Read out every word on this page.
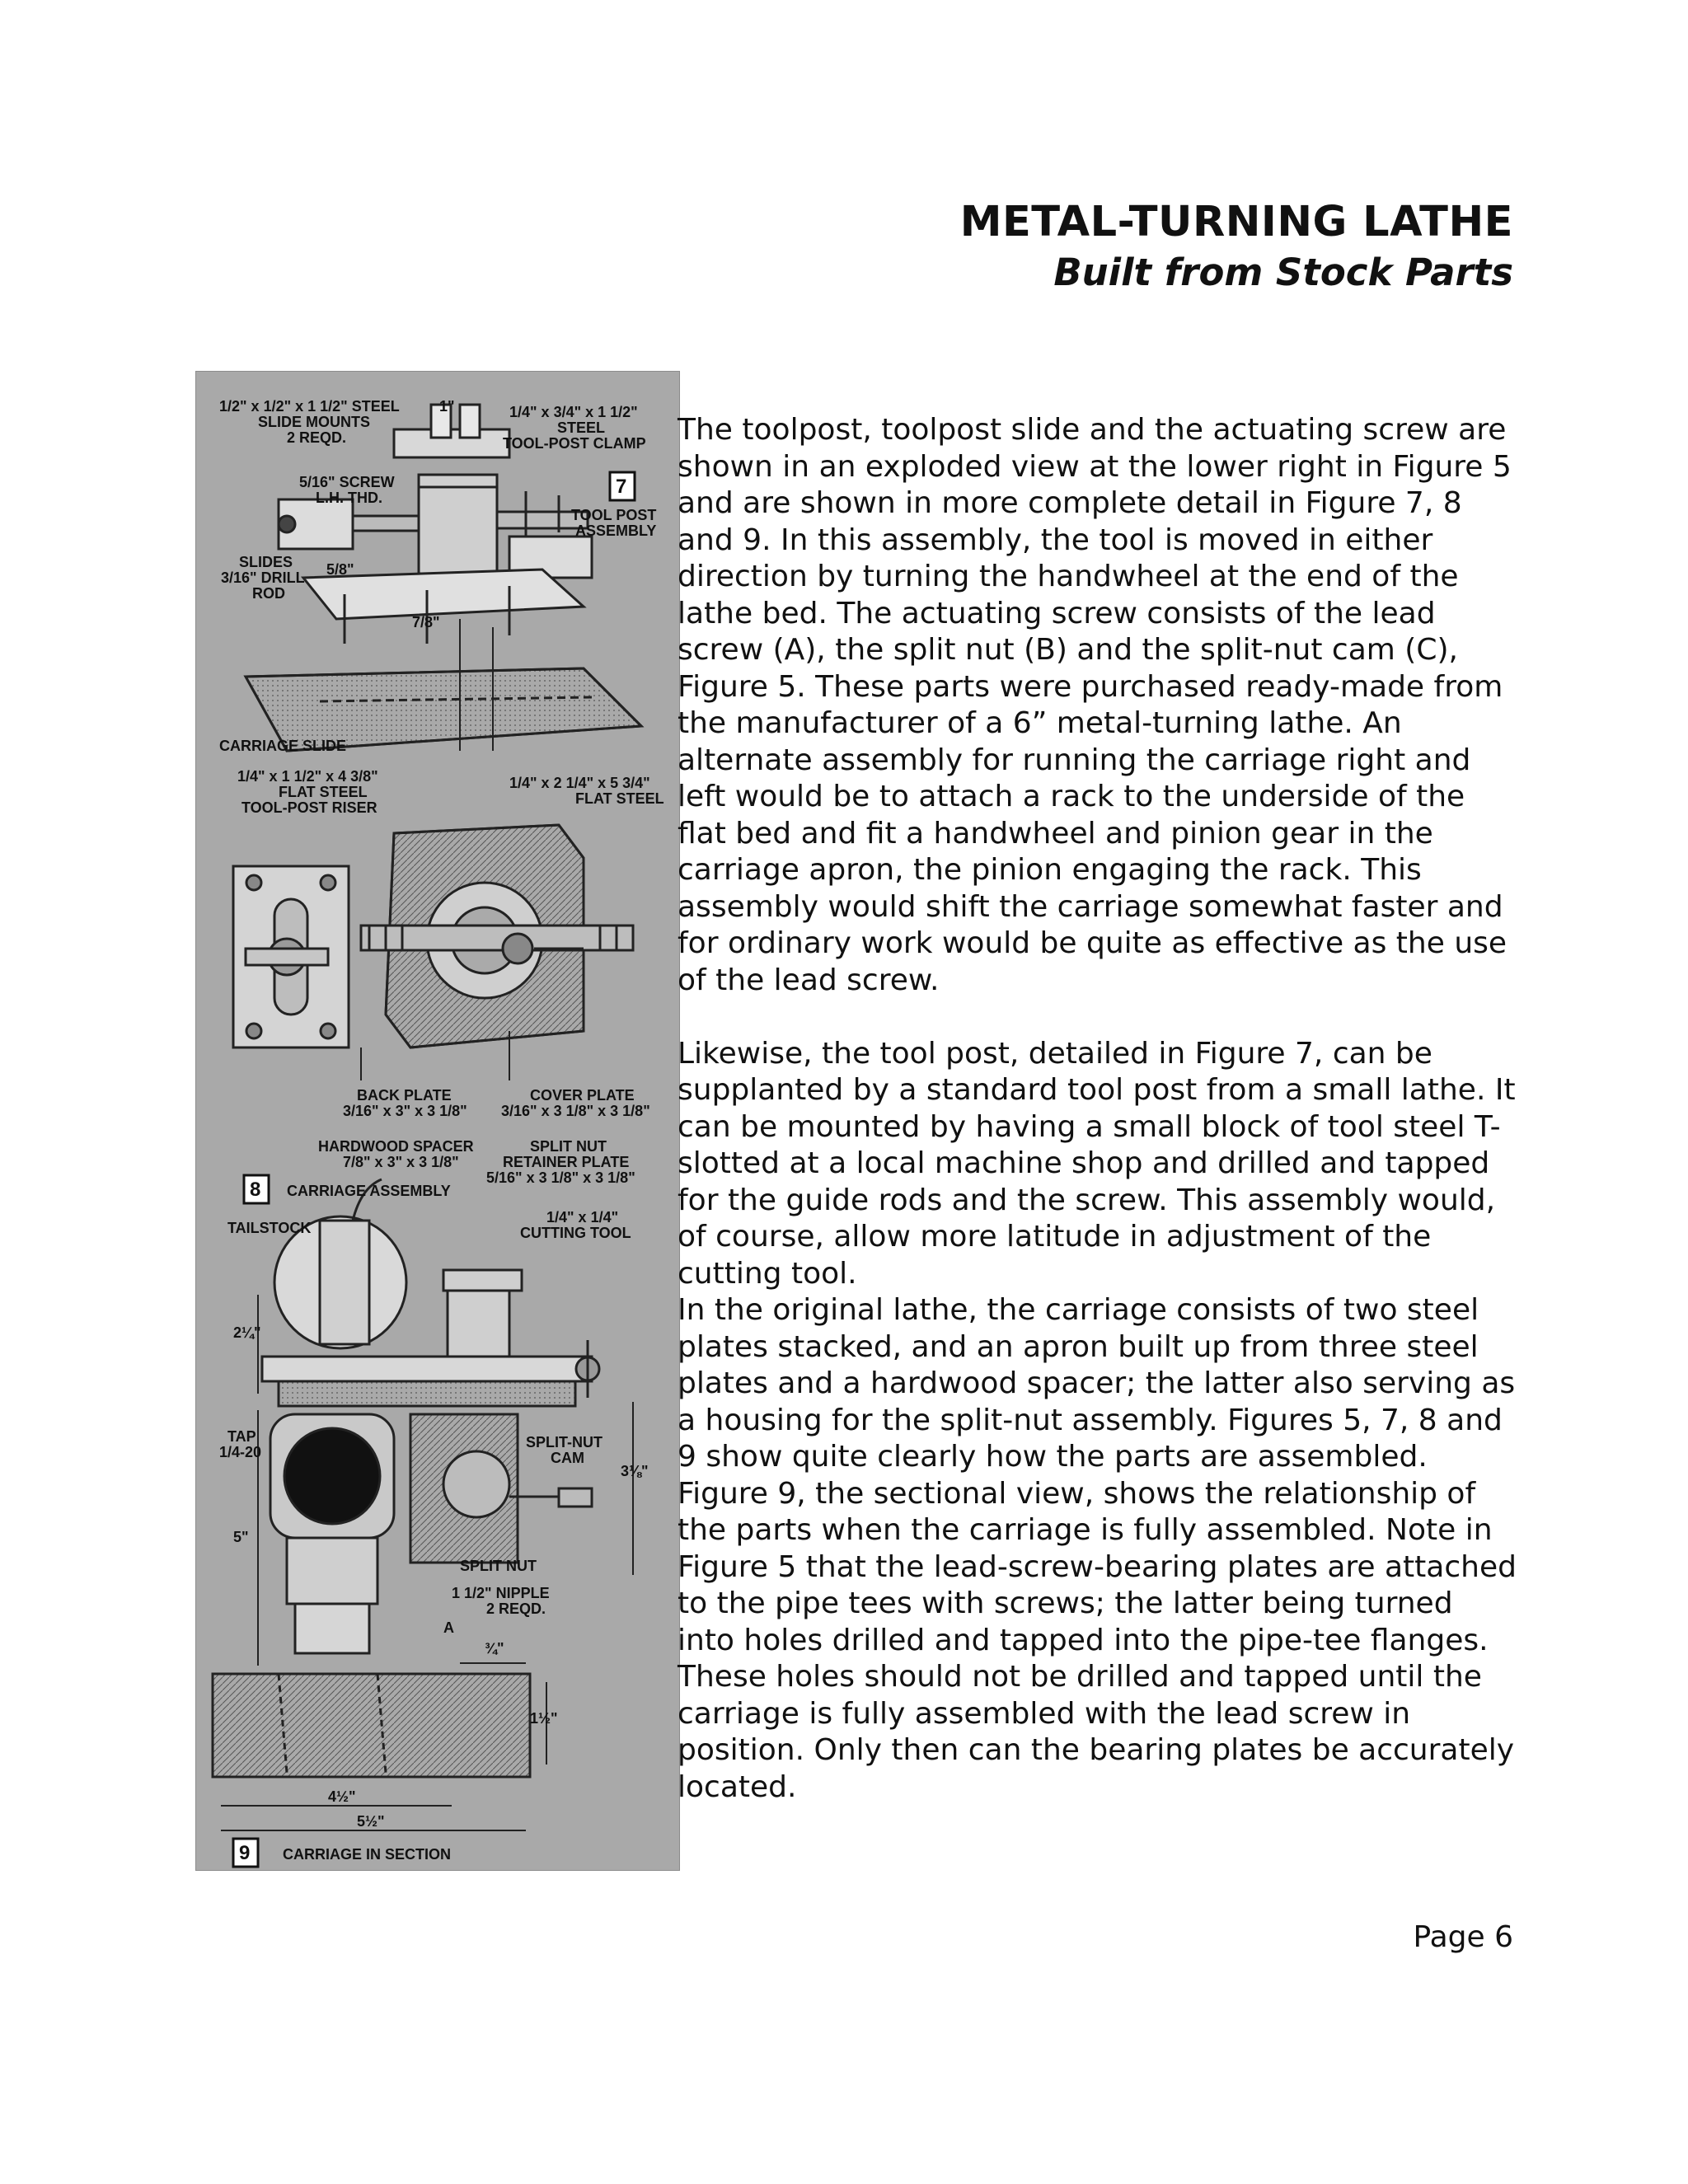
METAL-TURNING LATHE
Built from Stock Parts
1/2" x 1/2" x 1 1/2" STEEL
SLIDE MOUNTS
2 REQD.
1"	1/4" x 3/4" x 1 1/2"
STEEL
TOOL-POST CLAMP
5/16" SCREW
L.H. THD.	7
TOOL POST
ASSEMBLY
SLIDES
3/16" DRILL
ROD
5/8"
7/8"
CARRIAGE SLIDE
1/4" x 1 1/2" x 4 3/8"
FLAT STEEL
TOOL-POST RISER
1/4" x 2 1/4" x 5 3/4"
FLAT STEEL
BACK PLATE
3/16" x 3" x 3 1/8"
COVER PLATE
3/16" x 3 1/8" x 3 1/8"
HARDWOOD SPACER
7/8" x 3" x 3 1/8"
SPLIT NUT
RETAINER PLATE
5/16" x 3 1/8" x 3 1/8"
8 CARRIAGE ASSEMBLY
TAILSTOCK
1/4" x 1/4"
CUTTING TOOL
2¼"
TAP
1/4-20
SPLIT-NUT
CAM
3⅛"
5"
SPLIT NUT
1 1/2" NIPPLE
2 REQD.
A
¾"
1½"
4½"
5½"
9 CARRIAGE IN SECTION

The toolpost, toolpost slide and the actuating screw are shown in an exploded view at the lower right in Figure 5 and are shown in more complete detail in Figure 7, 8 and 9. In this assembly, the tool is moved in either direction by turning the handwheel at the end of the lathe bed. The actuating screw consists of the lead screw (A), the split nut (B) and the split-nut cam (C), Figure 5. These parts were purchased ready-made from the manufacturer of a 6” metal-turning lathe. An alternate assembly for running the carriage right and left would be to attach a rack to the underside of the flat bed and fit a handwheel and pinion gear in the carriage apron, the pinion engaging the rack. This assembly would shift the carriage somewhat faster and for ordinary work would be quite as effective as the use of the lead screw.

Likewise, the tool post, detailed in Figure 7, can be supplanted by a standard tool post from a small lathe. It can be mounted by having a small block of tool steel T-slotted at a local machine shop and drilled and tapped for the guide rods and the screw. This assembly would, of course, allow more latitude in adjustment of the cutting tool.

In the original lathe, the carriage consists of two steel plates stacked, and an apron built up from three steel plates and a hardwood spacer; the latter also serving as a housing for the split-nut assembly. Figures 5, 7, 8 and 9 show quite clearly how the parts are assembled. Figure 9, the sectional view, shows the relationship of the parts when the carriage is fully assembled. Note in Figure 5 that the lead-screw-bearing plates are attached to the pipe tees with screws; the latter being turned into holes drilled and tapped into the pipe-tee flanges. These holes should not be drilled and tapped until the carriage is fully assembled with the lead screw in position. Only then can the bearing plates be accurately located.

Page 6
